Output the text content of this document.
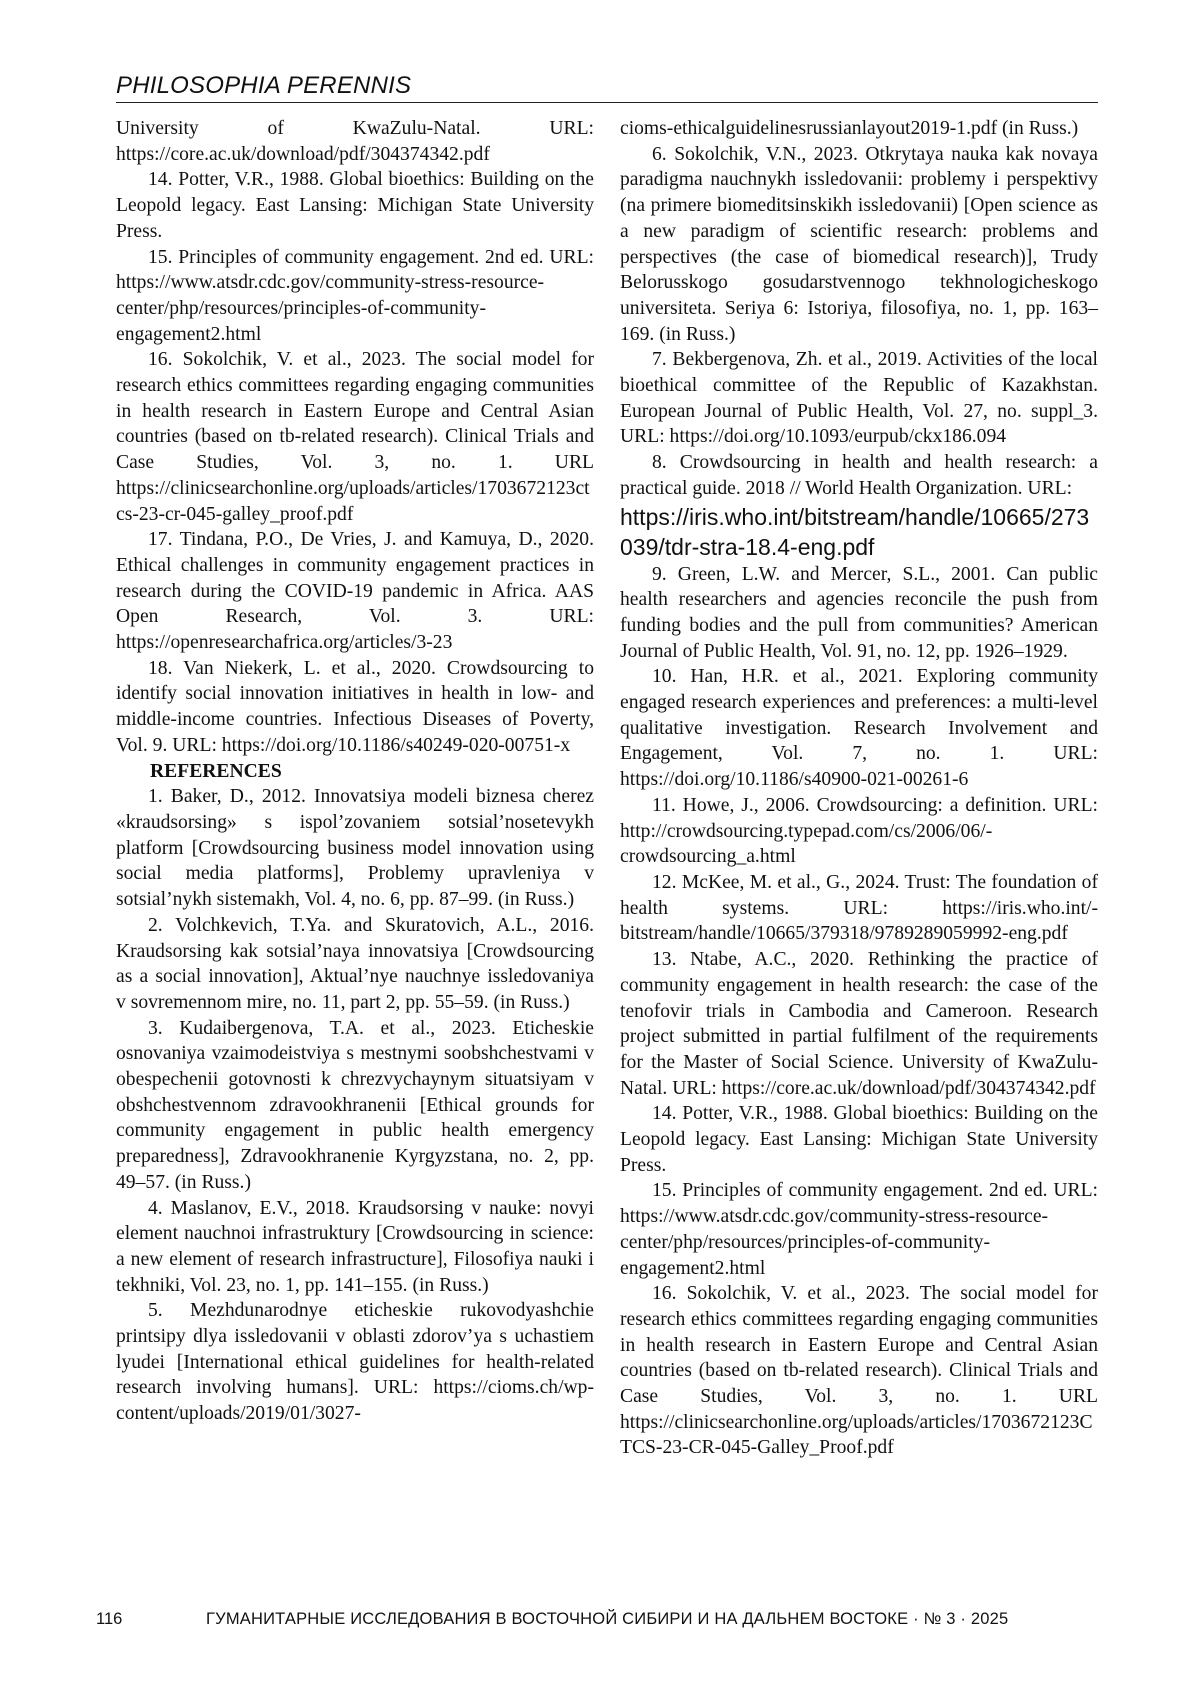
PHILOSOPHIA PERENNIS

University of KwaZulu-Natal. URL: https://core.ac.uk/download/pdf/304374342.pdf

14. Potter, V.R., 1988. Global bioethics: Building on the Leopold legacy. East Lansing: Michigan State University Press.

15. Principles of community engagement. 2nd ed. URL: https://www.atsdr.cdc.gov/community-stress-resource-center/php/resources/principles-of-community-engagement2.html

16. Sokolchik, V. et al., 2023. The social model for research ethics committees regarding engaging communities in health research in Eastern Europe and Central Asian countries (based on tb-related research). Clinical Trials and Case Studies, Vol. 3, no. 1. URL https://clinicsearchonline.org/uploads/articles/1703672123ctcs-23-cr-045-galley_proof.pdf

17. Tindana, P.O., De Vries, J. and Kamuya, D., 2020. Ethical challenges in community engagement practices in research during the COVID-19 pandemic in Africa. AAS Open Research, Vol. 3. URL: https://openresearchafrica.org/articles/3-23

18. Van Niekerk, L. et al., 2020. Crowdsourcing to identify social innovation initiatives in health in low- and middle-income countries. Infectious Diseases of Poverty, Vol. 9. URL: https://doi.org/10.1186/s40249-020-00751-x

REFERENCES

1. Baker, D., 2012. Innovatsiya modeli biznesa cherez «kraudsorsing» s ispol’zovaniem sotsial’nosetevykh platform [Crowdsourcing business model innovation using social media platforms], Problemy upravleniya v sotsial’nykh sistemakh, Vol. 4, no. 6, pp. 87–99. (in Russ.)

2. Volchkevich, T.Ya. and Skuratovich, A.L., 2016. Kraudsorsing kak sotsial’naya innovatsiya [Crowdsourcing as a social innovation], Aktual’nye nauchnye issledovaniya v sovremennom mire, no. 11, part 2, pp. 55–59. (in Russ.)

3. Kudaibergenova, T.A. et al., 2023. Eticheskie osnovaniya vzaimodeistviya s mestnymi soobshchestvami v obespechenii gotovnosti k chrezvychaynym situatsiyam v obshchestvennom zdravookhranenii [Ethical grounds for community engagement in public health emergency preparedness], Zdravookhranenie Kyrgyzstana, no. 2, pp. 49–57. (in Russ.)

4. Maslanov, E.V., 2018. Kraudsorsing v nauke: novyi element nauchnoi infrastruktury [Crowdsourcing in science: a new element of research infrastructure], Filosofiya nauki i tekhniki, Vol. 23, no. 1, pp. 141–155. (in Russ.)

5. Mezhdunarodnye eticheskie rukovodyashchie printsipy dlya issledovanii v oblasti zdorov’ya s uchastiem lyudei [International ethical guidelines for health-related research involving humans]. URL: https://cioms.ch/wp-content/uploads/2019/01/3027-

cioms-ethicalguidelinesrussianlayout2019-1.pdf (in Russ.)

6. Sokolchik, V.N., 2023. Otkrytaya nauka kak novaya paradigma nauchnykh issledovanii: problemy i perspektivy (na primere biomeditsinskikh issledovanii) [Open science as a new paradigm of scientific research: problems and perspectives (the case of biomedical research)], Trudy Belorusskogo gosudarstvennogo tekhnologicheskogo universiteta. Seriya 6: Istoriya, filosofiya, no. 1, pp. 163–169. (in Russ.)

7. Bekbergenova, Zh. et al., 2019. Activities of the local bioethical committee of the Republic of Kazakhstan. European Journal of Public Health, Vol. 27, no. suppl_3. URL: https://doi.org/10.1093/eurpub/ckx186.094

8. Crowdsourcing in health and health research: a practical guide. 2018 // World Health Organization. URL:

https://iris.who.int/bitstream/handle/10665/273039/tdr-stra-18.4-eng.pdf

9. Green, L.W. and Mercer, S.L., 2001. Can public health researchers and agencies reconcile the push from funding bodies and the pull from communities? American Journal of Public Health, Vol. 91, no. 12, pp. 1926–1929.

10. Han, H.R. et al., 2021. Exploring community engaged research experiences and preferences: a multi-level qualitative investigation. Research Involvement and Engagement, Vol. 7, no. 1. URL: https://doi.org/10.1186/s40900-021-00261-6

11. Howe, J., 2006. Crowdsourcing: a definition. URL: http://crowdsourcing.typepad.com/cs/2006/06/-crowdsourcing_a.html

12. McKee, M. et al., G., 2024. Trust: The foundation of health systems. URL: https://iris.who.int/-bitstream/handle/10665/379318/9789289059992-eng.pdf

13. Ntabe, A.C., 2020. Rethinking the practice of community engagement in health research: the case of the tenofovir trials in Cambodia and Cameroon. Research project submitted in partial fulfilment of the requirements for the Master of Social Science. University of KwaZulu-Natal. URL: https://core.ac.uk/download/pdf/304374342.pdf

14. Potter, V.R., 1988. Global bioethics: Building on the Leopold legacy. East Lansing: Michigan State University Press.

15. Principles of community engagement. 2nd ed. URL: https://www.atsdr.cdc.gov/community-stress-resource-center/php/resources/principles-of-community-engagement2.html

16. Sokolchik, V. et al., 2023. The social model for research ethics committees regarding engaging communities in health research in Eastern Europe and Central Asian countries (based on tb-related research). Clinical Trials and Case Studies, Vol. 3, no. 1. URL https://clinicsearchonline.org/uploads/articles/1703672123CTCS-23-CR-045-Galley_Proof.pdf

116	ГУМАНИТАРНЫЕ ИССЛЕДОВАНИЯ В ВОСТОЧНОЙ СИБИРИ И НА ДАЛЬНЕМ ВОСТОКЕ · № 3 · 2025
